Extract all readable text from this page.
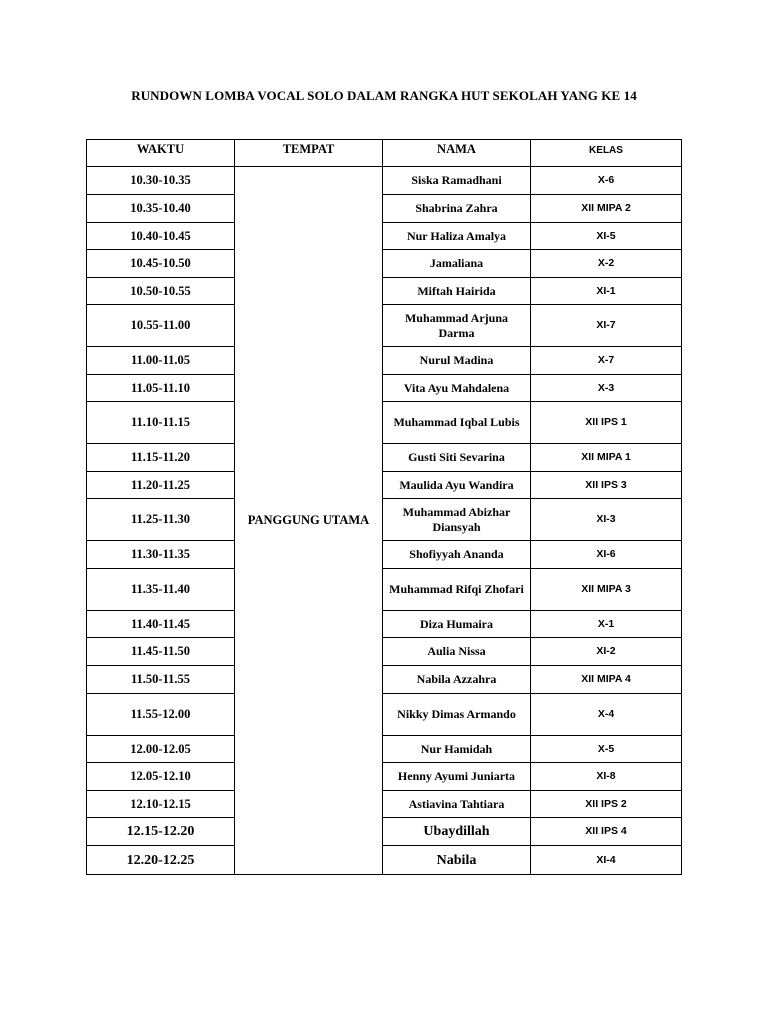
RUNDOWN LOMBA VOCAL SOLO DALAM RANGKA HUT SEKOLAH YANG KE 14
WAKTU	TEMPAT	NAMA	KELAS
10.30-10.35	PANGGUNG UTAMA	Siska Ramadhani	X-6
10.35-10.40		Shabrina Zahra	XII MIPA 2
10.40-10.45		Nur Haliza Amalya	XI-5
10.45-10.50		Jamaliana	X-2
10.50-10.55		Miftah Hairida	XI-1
10.55-11.00		Muhammad Arjuna Darma	XI-7
11.00-11.05		Nurul Madina	X-7
11.05-11.10		Vita Ayu Mahdalena	X-3
11.10-11.15		Muhammad Iqbal Lubis	XII IPS 1
11.15-11.20		Gusti Siti Sevarina	XII MIPA 1
11.20-11.25		Maulida Ayu Wandira	XII IPS 3
11.25-11.30		Muhammad Abizhar Diansyah	XI-3
11.30-11.35		Shofiyyah Ananda	XI-6
11.35-11.40		Muhammad Rifqi Zhofari	XII MIPA 3
11.40-11.45		Diza Humaira	X-1
11.45-11.50		Aulia Nissa	XI-2
11.50-11.55		Nabila Azzahra	XII MIPA 4
11.55-12.00		Nikky Dimas Armando	X-4
12.00-12.05		Nur Hamidah	X-5
12.05-12.10		Henny Ayumi Juniarta	XI-8
12.10-12.15		Astiavina Tahtiara	XII IPS 2
12.15-12.20		Ubaydillah	XII IPS 4
12.20-12.25		Nabila	XI-4
